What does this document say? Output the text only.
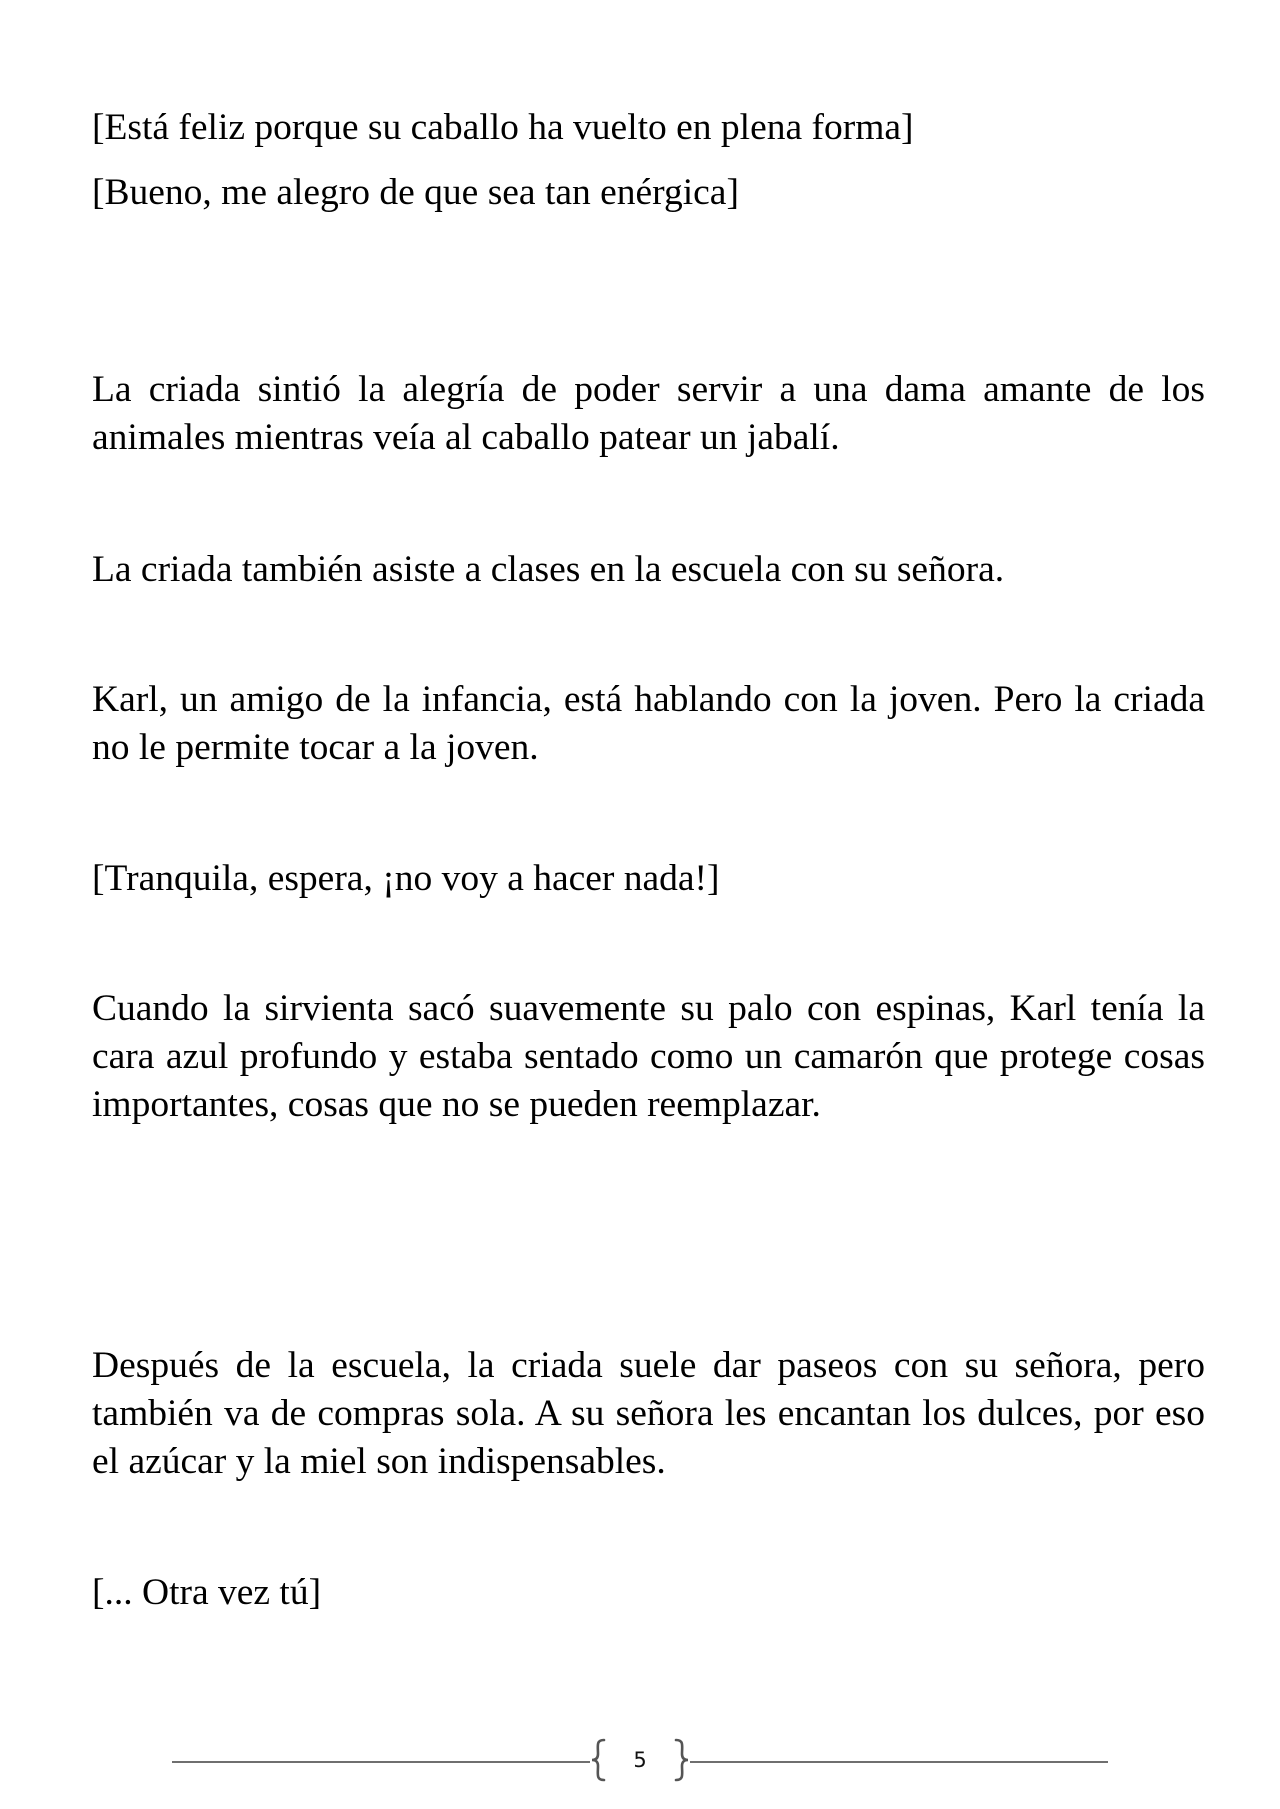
[Está feliz porque su caballo ha vuelto en plena forma]

[Bueno, me alegro de que sea tan enérgica]

La criada sintió la alegría de poder servir a una dama amante de los animales mientras veía al caballo patear un jabalí.

La criada también asiste a clases en la escuela con su señora.

Karl, un amigo de la infancia, está hablando con la joven. Pero la criada no le permite tocar a la joven.

[Tranquila, espera, ¡no voy a hacer nada!]

Cuando la sirvienta sacó suavemente su palo con espinas, Karl tenía la cara azul profundo y estaba sentado como un camarón que protege cosas importantes, cosas que no se pueden reemplazar.

Después de la escuela, la criada suele dar paseos con su señora, pero también va de compras sola. A su señora les encantan los dulces, por eso el azúcar y la miel son indispensables.

[... Otra vez tú]

5
